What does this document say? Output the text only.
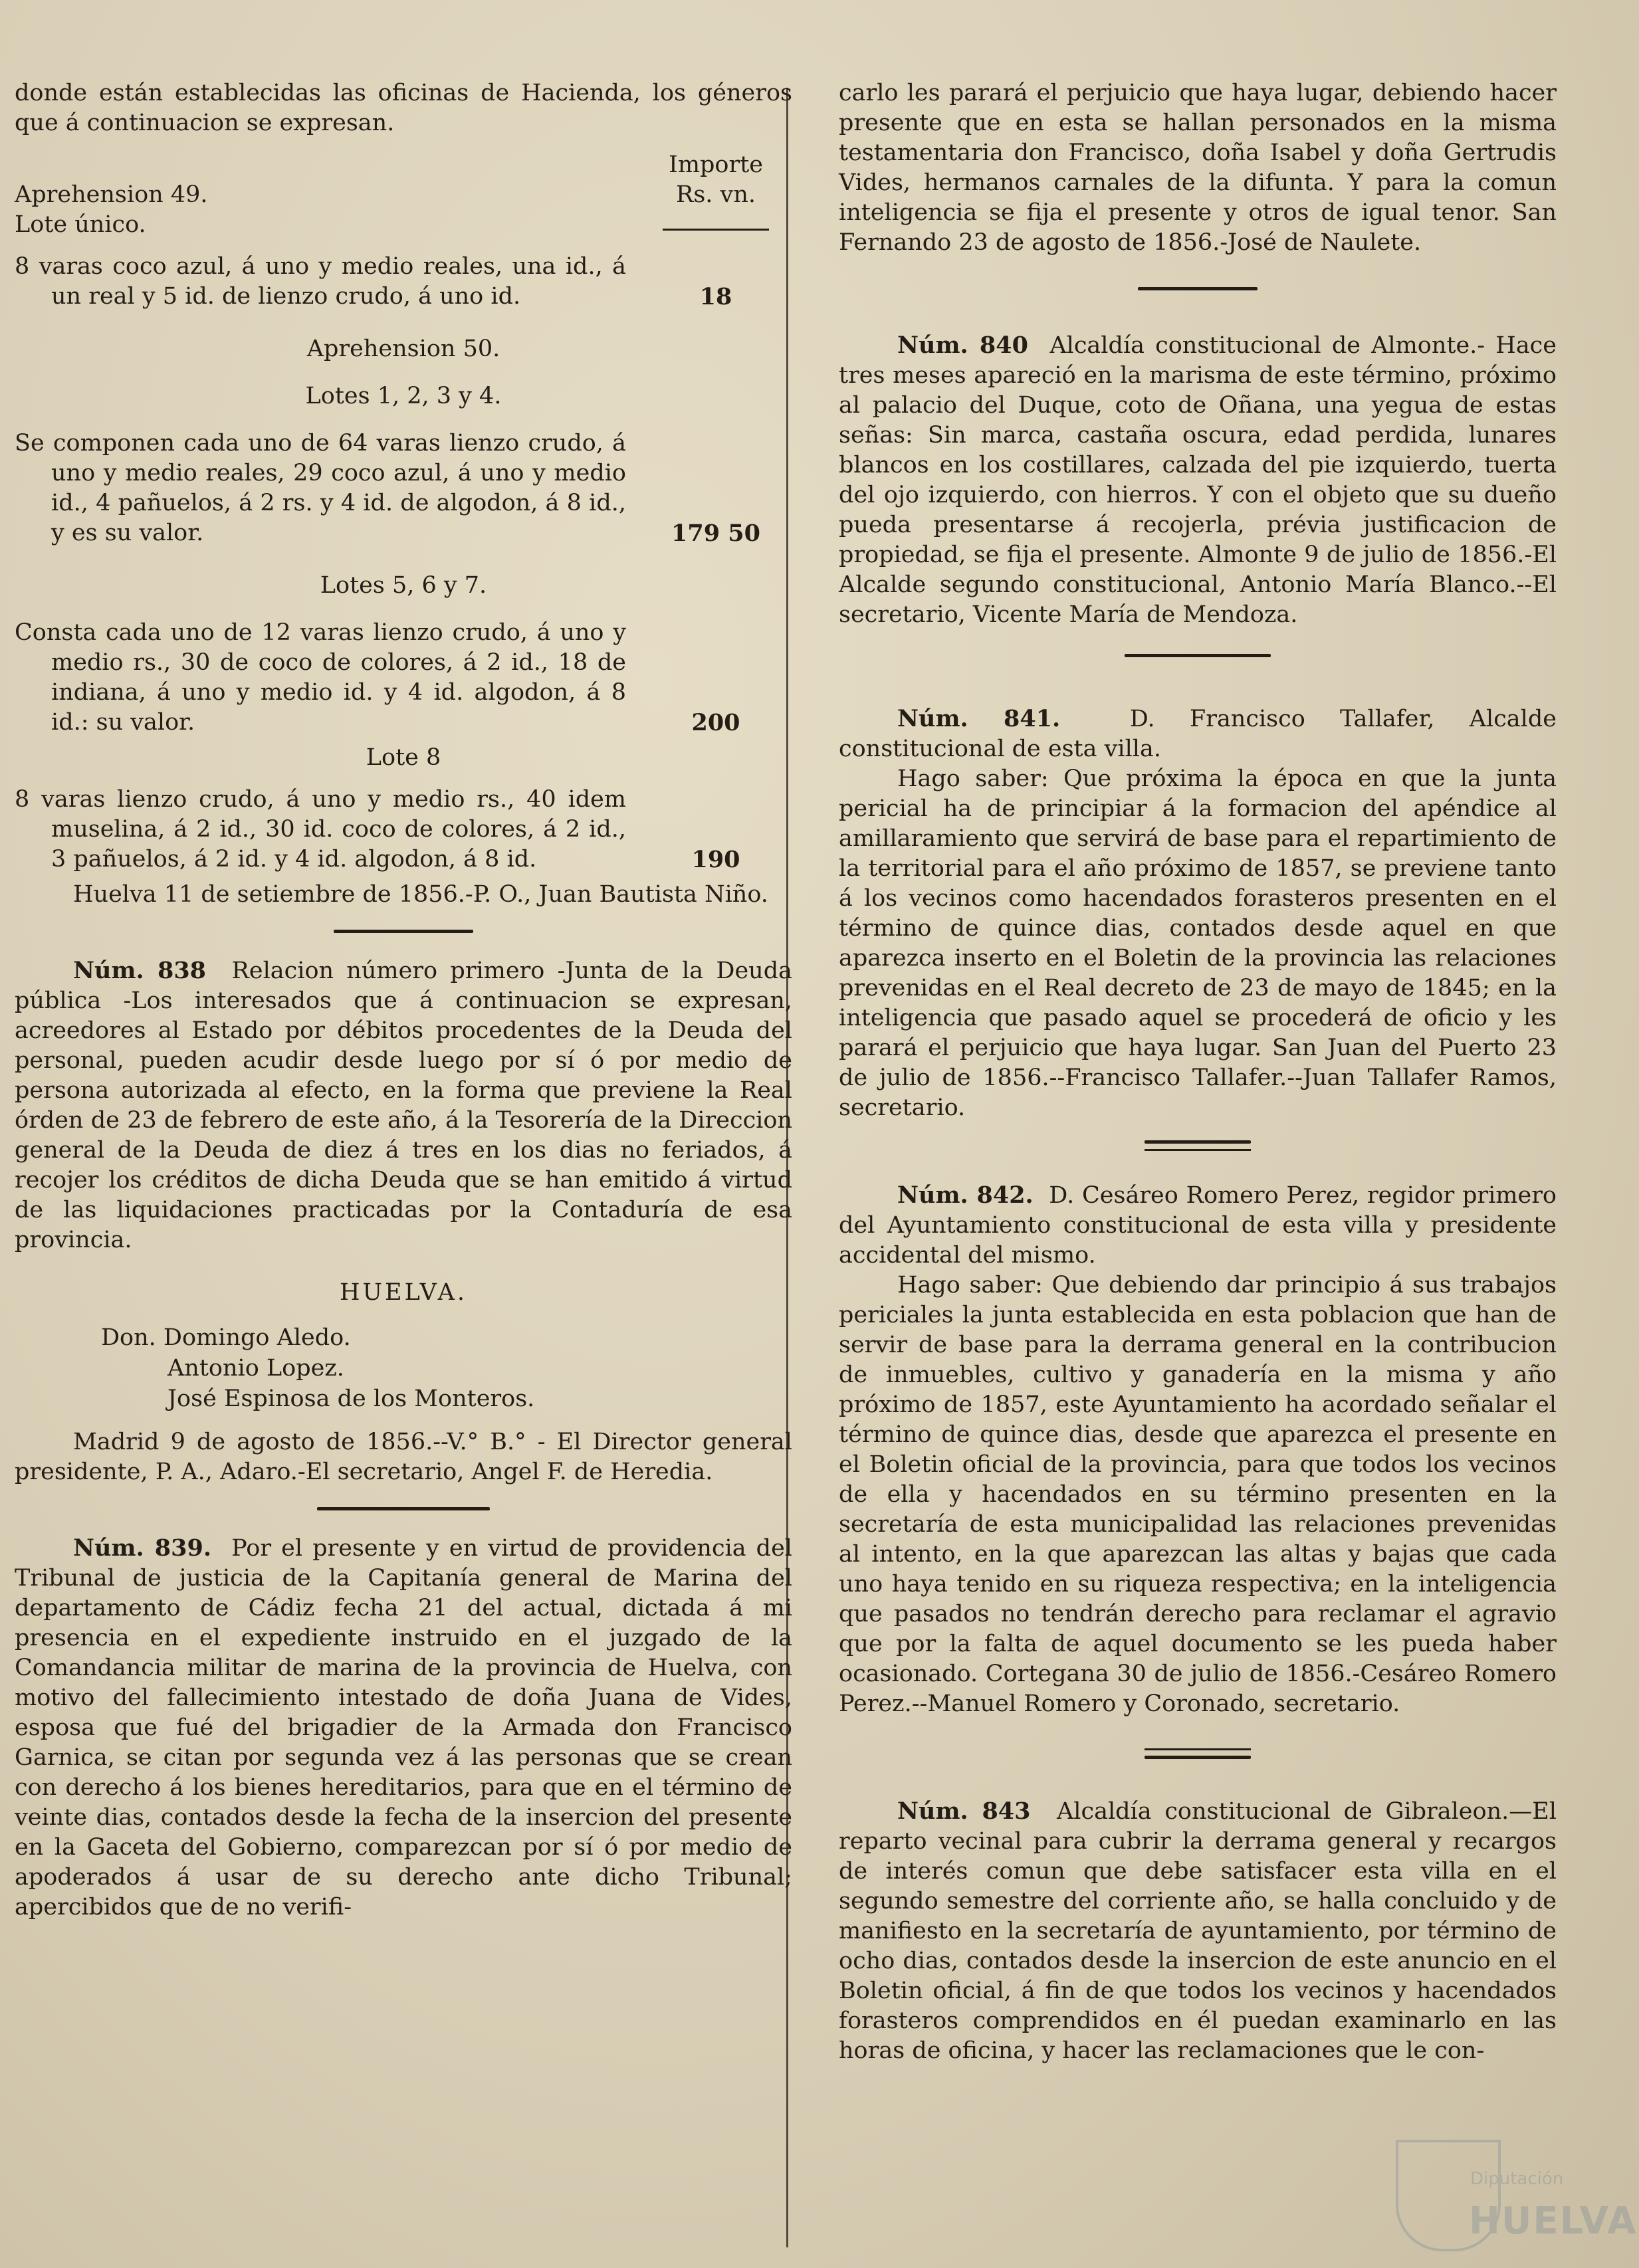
donde están establecidas las oficinas de Hacienda, los géneros que á continuacion se expresan.

Aprehension 49.
Importe
Rs. vn.
Lote único.
8 varas coco azul, á uno y medio reales, una id., á un real y 5 id. de lienzo crudo, á uno id.	18

Aprehension 50.

Lotes 1, 2, 3 y 4.

Se componen cada uno de 64 varas lienzo crudo, á uno y medio reales, 29 coco azul, á uno y medio id., 4 pañuelos, á 2 rs. y 4 id. de algodon, á 8 id., y es su valor.	179 50

Lotes 5, 6 y 7.

Consta cada uno de 12 varas lienzo crudo, á uno y medio rs., 30 de coco de colores, á 2 id., 18 de indiana, á uno y medio id. y 4 id. algodon, á 8 id.: su valor.	200

Lote 8

8 varas lienzo crudo, á uno y medio rs., 40 idem muselina, á 2 id., 30 id. coco de colores, á 2 id., 3 pañuelos, á 2 id. y 4 id. algodon, á 8 id.	190

Huelva 11 de setiembre de 1856.-P. O., Juan Bautista Niño.

Núm. 838 Relacion número primero -Junta de la Deuda pública -Los interesados que á continuacion se expresan, acreedores al Estado por débitos procedentes de la Deuda del personal, pueden acudir desde luego por sí ó por medio de persona autorizada al efecto, en la forma que previene la Real órden de 23 de febrero de este año, á la Tesorería de la Direccion general de la Deuda de diez á tres en los dias no feriados, á recojer los créditos de dicha Deuda que se han emitido á virtud de las liquidaciones practicadas por la Contaduría de esa provincia.

HUELVA.

Don. Domingo Aledo.
Antonio Lopez.
José Espinosa de los Monteros.

Madrid 9 de agosto de 1856.--V.° B.° - El Director general presidente, P. A., Adaro.-El secretario, Angel F. de Heredia.

Núm. 839. Por el presente y en virtud de providencia del Tribunal de justicia de la Capitanía general de Marina del departamento de Cádiz fecha 21 del actual, dictada á mi presencia en el expediente instruido en el juzgado de la Comandancia militar de marina de la provincia de Huelva, con motivo del fallecimiento intestado de doña Juana de Vides, esposa que fué del brigadier de la Armada don Francisco Garnica, se citan por segunda vez á las personas que se crean con derecho á los bienes hereditarios, para que en el término de veinte dias, contados desde la fecha de la insercion del presente en la Gaceta del Gobierno, comparezcan por sí ó por medio de apoderados á usar de su derecho ante dicho Tribunal; apercibidos que de no verifi-

carlo les parará el perjuicio que haya lugar, debiendo hacer presente que en esta se hallan personados en la misma testamentaria don Francisco, doña Isabel y doña Gertrudis Vides, hermanos carnales de la difunta. Y para la comun inteligencia se fija el presente y otros de igual tenor. San Fernando 23 de agosto de 1856.-José de Naulete.

Núm. 840 Alcaldía constitucional de Almonte.- Hace tres meses apareció en la marisma de este término, próximo al palacio del Duque, coto de Oñana, una yegua de estas señas: Sin marca, castaña oscura, edad perdida, lunares blancos en los costillares, calzada del pie izquierdo, tuerta del ojo izquierdo, con hierros. Y con el objeto que su dueño pueda presentarse á recojerla, prévia justificacion de propiedad, se fija el presente. Almonte 9 de julio de 1856.-El Alcalde segundo constitucional, Antonio María Blanco.--El secretario, Vicente María de Mendoza.

Núm. 841.	D. Francisco Tallafer, Alcalde constitucional de esta villa.

Hago saber: Que próxima la época en que la junta pericial ha de principiar á la formacion del apéndice al amillaramiento que servirá de base para el repartimiento de la territorial para el año próximo de 1857, se previene tanto á los vecinos como hacendados forasteros presenten en el término de quince dias, contados desde aquel en que aparezca inserto en el Boletin de la provincia las relaciones prevenidas en el Real decreto de 23 de mayo de 1845; en la inteligencia que pasado aquel se procederá de oficio y les parará el perjuicio que haya lugar. San Juan del Puerto 23 de julio de 1856.--Francisco Tallafer.--Juan Tallafer Ramos, secretario.

Núm. 842. D. Cesáreo Romero Perez, regidor primero del Ayuntamiento constitucional de esta villa y presidente accidental del mismo.

Hago saber: Que debiendo dar principio á sus trabajos periciales la junta establecida en esta poblacion que han de servir de base para la derrama general en la contribucion de inmuebles, cultivo y ganadería en la misma y año próximo de 1857, este Ayuntamiento ha acordado señalar el término de quince dias, desde que aparezca el presente en el Boletin oficial de la provincia, para que todos los vecinos de ella y hacendados en su término presenten en la secretaría de esta municipalidad las relaciones prevenidas al intento, en la que aparezcan las altas y bajas que cada uno haya tenido en su riqueza respectiva; en la inteligencia que pasados no tendrán derecho para reclamar el agravio que por la falta de aquel documento se les pueda haber ocasionado. Cortegana 30 de julio de 1856.-Cesáreo Romero Perez.--Manuel Romero y Coronado, secretario.

Núm. 843 Alcaldía constitucional de Gibraleon.—El reparto vecinal para cubrir la derrama general y recargos de interés comun que debe satisfacer esta villa en el segundo semestre del corriente año, se halla concluido y de manifiesto en la secretaría de ayuntamiento, por término de ocho dias, contados desde la insercion de este anuncio en el Boletin oficial, á fin de que todos los vecinos y hacendados forasteros comprendidos en él puedan examinarlo en las horas de oficina, y hacer las reclamaciones que le con-

Diputación
HUELVA
